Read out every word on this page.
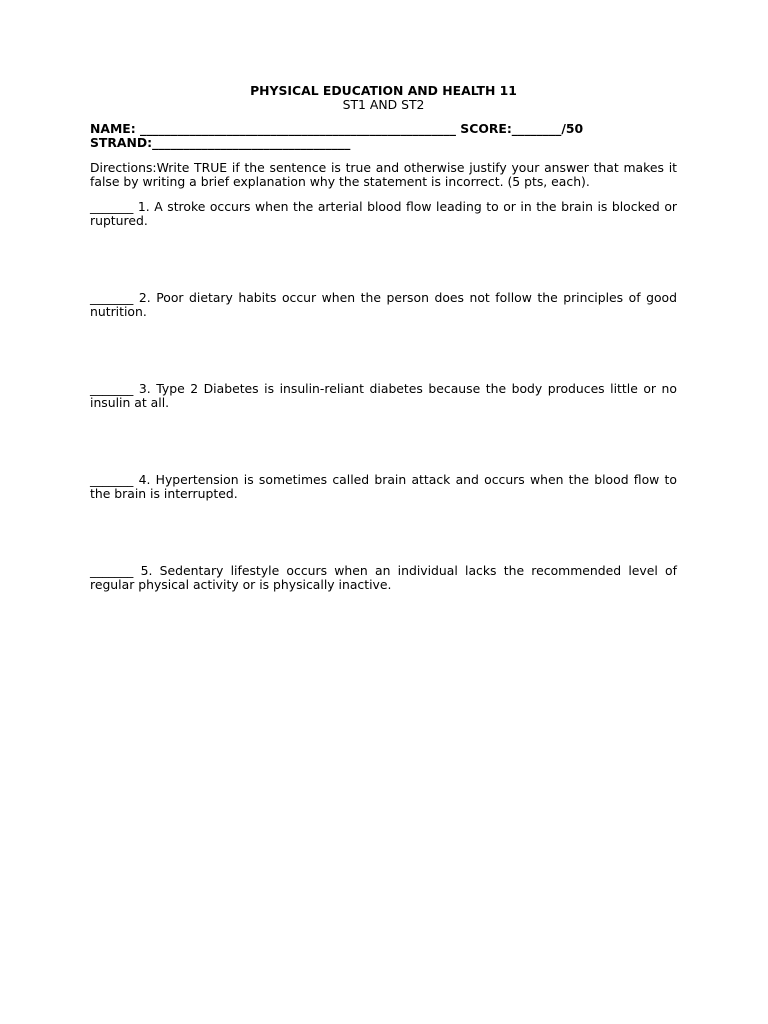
PHYSICAL EDUCATION AND HEALTH 11

ST1 AND ST2

NAME: ___________________________________________________ SCORE:________/50

STRAND:________________________________

Directions:Write TRUE if the sentence is true and otherwise justify your answer that makes it false by writing a brief explanation why the statement is incorrect. (5 pts, each).

_______ 1. A stroke occurs when the arterial blood flow leading to or in the brain is blocked or ruptured.

_______ 2. Poor dietary habits occur when the person does not follow the principles of good nutrition.

_______ 3. Type 2 Diabetes is insulin-reliant diabetes because the body produces little or no insulin at all.

_______ 4. Hypertension is sometimes called brain attack and occurs when the blood flow to the brain is interrupted.

_______ 5. Sedentary lifestyle occurs when an individual lacks the recommended level of regular physical activity or is physically inactive.
